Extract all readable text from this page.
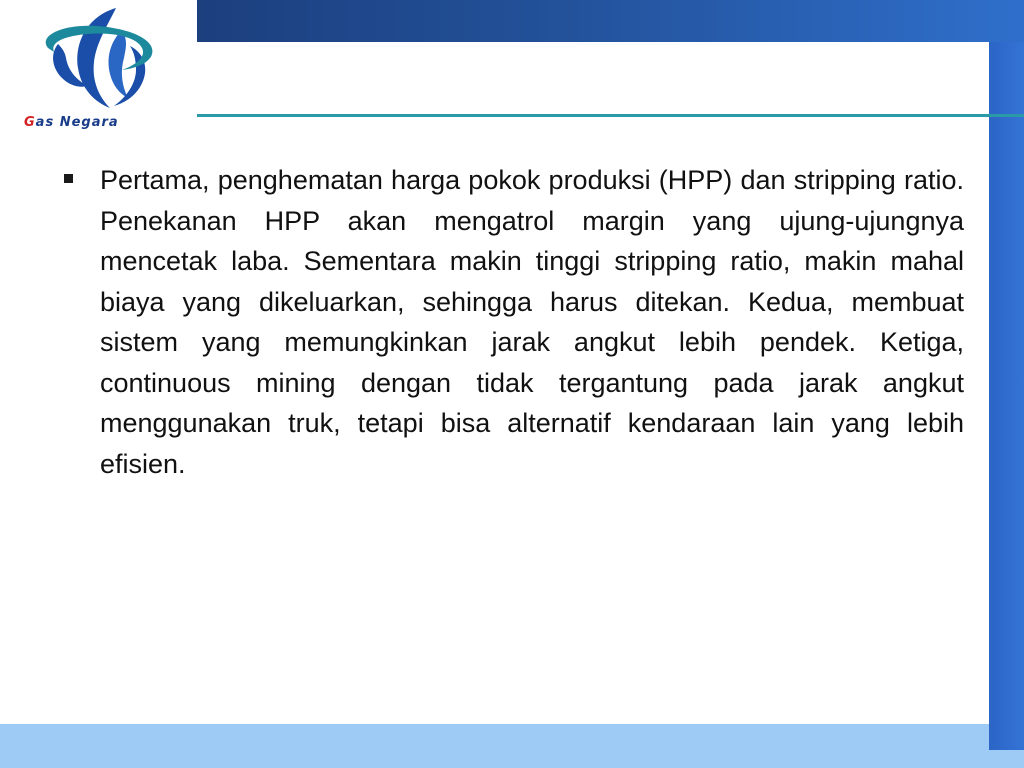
Gas Negara

Pertama, penghematan harga pokok produksi (HPP) dan stripping ratio. Penekanan HPP akan mengatrol margin yang ujung-ujungnya mencetak laba. Sementara makin tinggi stripping ratio, makin mahal biaya yang dikeluarkan, sehingga harus ditekan. Kedua, membuat sistem yang memungkinkan jarak angkut lebih pendek. Ketiga, continuous mining dengan tidak tergantung pada jarak angkut menggunakan truk, tetapi bisa alternatif kendaraan lain yang lebih efisien.
